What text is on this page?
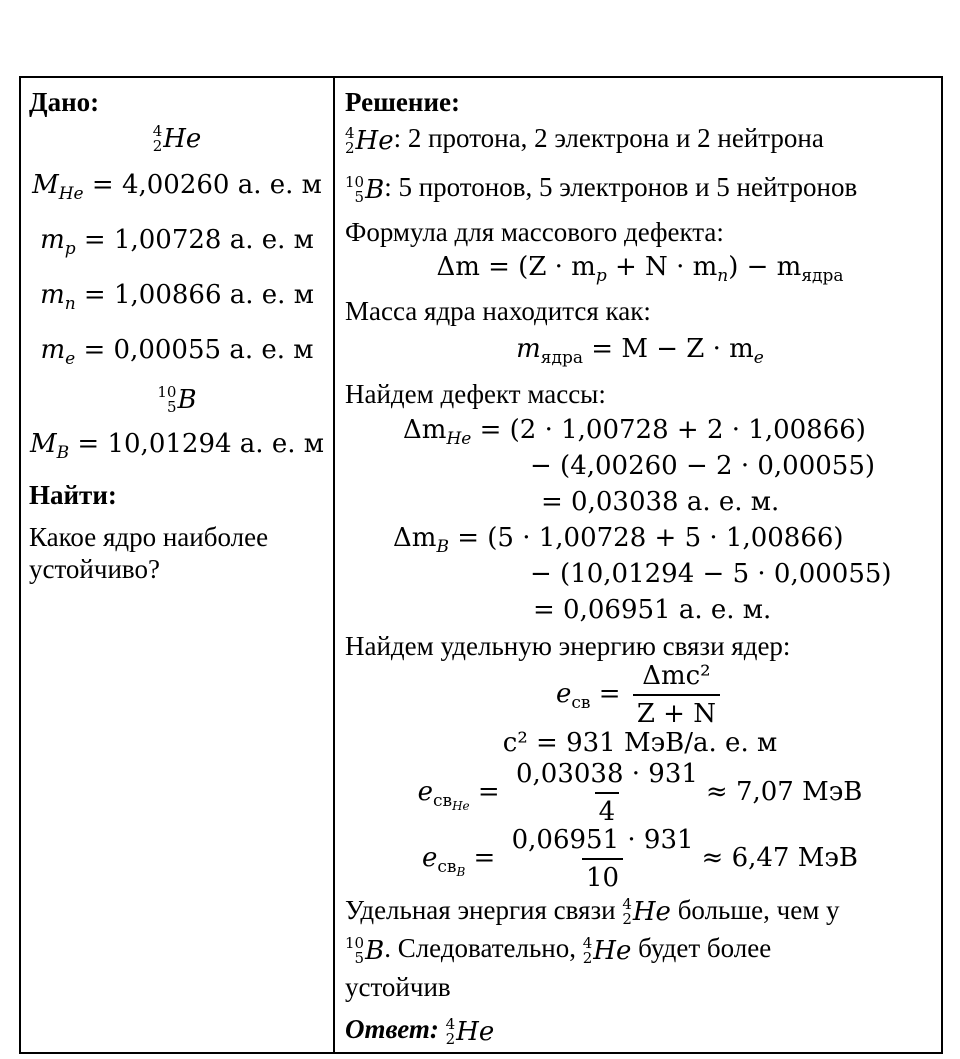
Дано:
4
2 He
$M_{He} = 4,00260$ а. е. м
$m_p = 1,00728$ а. е. м
$m_n = 1,00866$ а. е. м
$m_e = 0,00055$ а. е. м
10
5 B
$M_B = 10,01294$ а. е. м
Найти:
Какое ядро наиболее устойчиво?
Решение:
4
2 He : 2 протона, 2 электрона и 2 нейтрона
10
5 B : 5 протонов, 5 электронов и 5 нейтронов
Формула для массового дефекта:
$\Delta m = (Z \cdot m_p + N \cdot m_n) - m_{ядра}$
Масса ядра находится как:
$m_{ядра} = M - Z \cdot m_e$
Найдем дефект массы:
$\Delta m_{He} = (2 \cdot 1,00728 + 2 \cdot 1,00866)$
− (4,00260 − 2 · 0,00055)
= 0,03038 а. е. м.
$\Delta m_B = (5 \cdot 1,00728 + 5 \cdot 1,00866)$
− (10,01294 − 5 · 0,00055)
= 0,06951 а. е. м.
Найдем удельную энергию связи ядер:
$e_{св} = \frac{\text{Δmc²}}{Z + N}$
c² = 931 МэВ/а. е. м
$e_{свHe} = \frac{0,03038 \cdot 931}{4} \approx 7,07$ МэВ
$e_{свB} = \frac{0,06951 \cdot 931}{10} \approx 6,47$ МэВ
Удельная энергия связи 4
2 He больше, чем у
10
5 B . Следовательно, 4
2 He будет более
устойчив
Ответ: 4
2 He
